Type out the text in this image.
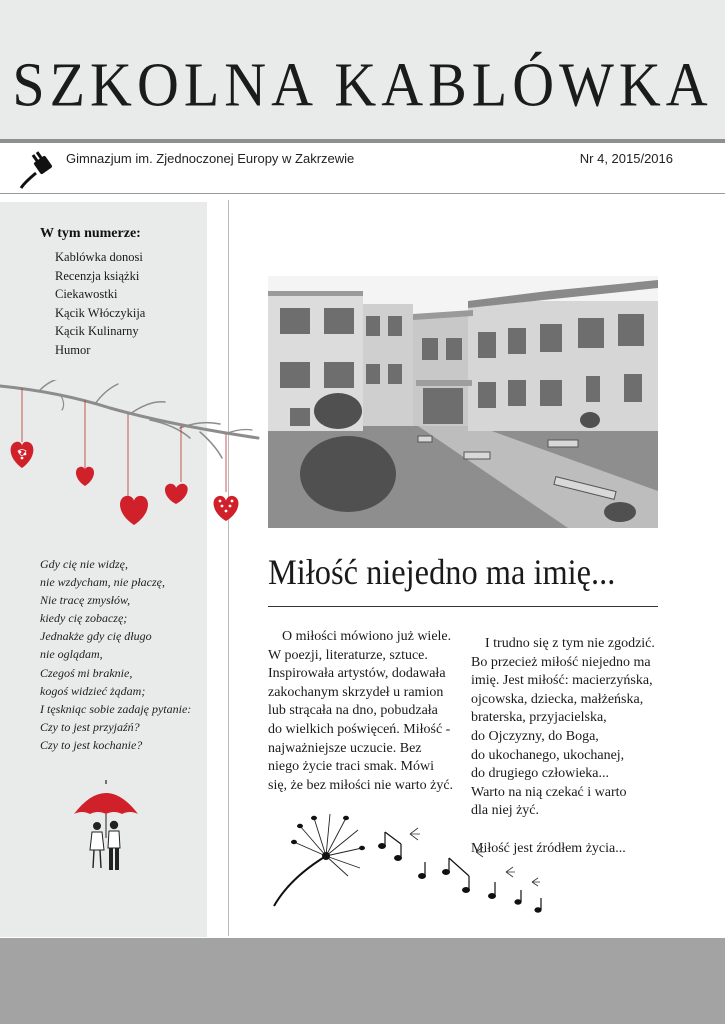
SZKOLNA KABLÓWKA
Gimnazjum im. Zjednoczonej Europy w Zakrzewie	Nr 4, 2015/2016
W tym numerze:
Kablówka donosi
Recenzja książki
Ciekawostki
Kącik Włóczykija
Kącik Kulinarny
Humor
Gdy cię nie widzę,
nie wzdycham, nie płaczę,
Nie tracę zmysłów,
kiedy cię zobaczę;
Jednakże gdy cię długo
nie oglądam,
Czegoś mi braknie,
kogoś widzieć żądam;
I tęskniąc sobie zadaję pytanie:
Czy to jest przyjaźń?
Czy to jest kochanie?
Miłość niejedno ma imię...
O miłości mówiono już wiele.
W poezji, literaturze, sztuce.
Inspirowała artystów, dodawała
zakochanym skrzydeł u ramion
lub strącała na dno, pobudzała
do wielkich poświęceń. Miłość -
najważniejsze uczucie. Bez
niego życie traci smak. Mówi
się, że bez miłości nie warto żyć.
I trudno się z tym nie zgodzić.
Bo przecież miłość niejedno ma
imię. Jest miłość: macierzyńska,
ojcowska, dziecka, małżeńska,
braterska, przyjacielska,
do Ojczyzny, do Boga,
do ukochanego, ukochanej,
do drugiego człowieka...
Warto na nią czekać i warto
dla niej żyć.
Miłość jest źródłem życia...
